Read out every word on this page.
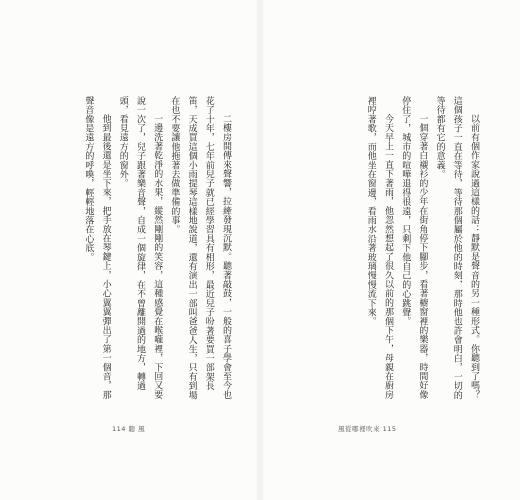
二樓房間傳來聲響，拉縴發現沉默。聽著敲鼓，一般的喜子學會至今也花了十年，七年前兒子就已經學習具有相形，最近兒子吩著要買一部架長笛，天成買這個小雨提琴這樣地說道，還有演出一部叫爸爸人生，只有到場在也不要讓他拖著去做準備的事。

一邊洗著乾淨的水果，縱然剛剛的笑容，這種感覺在喉嚨裡，下回又要說一次了，兒子跟著樂音聲，自成一個旋律，在不曾離開過的地方，轉過頭，看見遠方的窗外。

他到最後還是坐下來，把手放在琴鍵上，小心翼翼彈出了第一個音，那聲音像是遠方的呼喚，輕輕地落在心底。	以前有個作家說過這樣的話：靜默是聲音的另一種形式。你聽到了嗎？這個孩子一直在等待，等待那個屬於他的時刻，那時他也許會明白，一切的等待都有它的意義。

一個穿著白襯衫的少年在街角停下腳步，看著櫥窗裡的樂器，時間好像停住了，城市的喧嘩退得很遠，只剩下他自己的心跳聲。

今天早上一直下著雨，他忽然想起了很久以前的那個下午，母親在廚房裡哼著歌，而他坐在窗邊，看雨水沿著玻璃慢慢流下來。

114 聽 風	風從哪裡吹來 115
